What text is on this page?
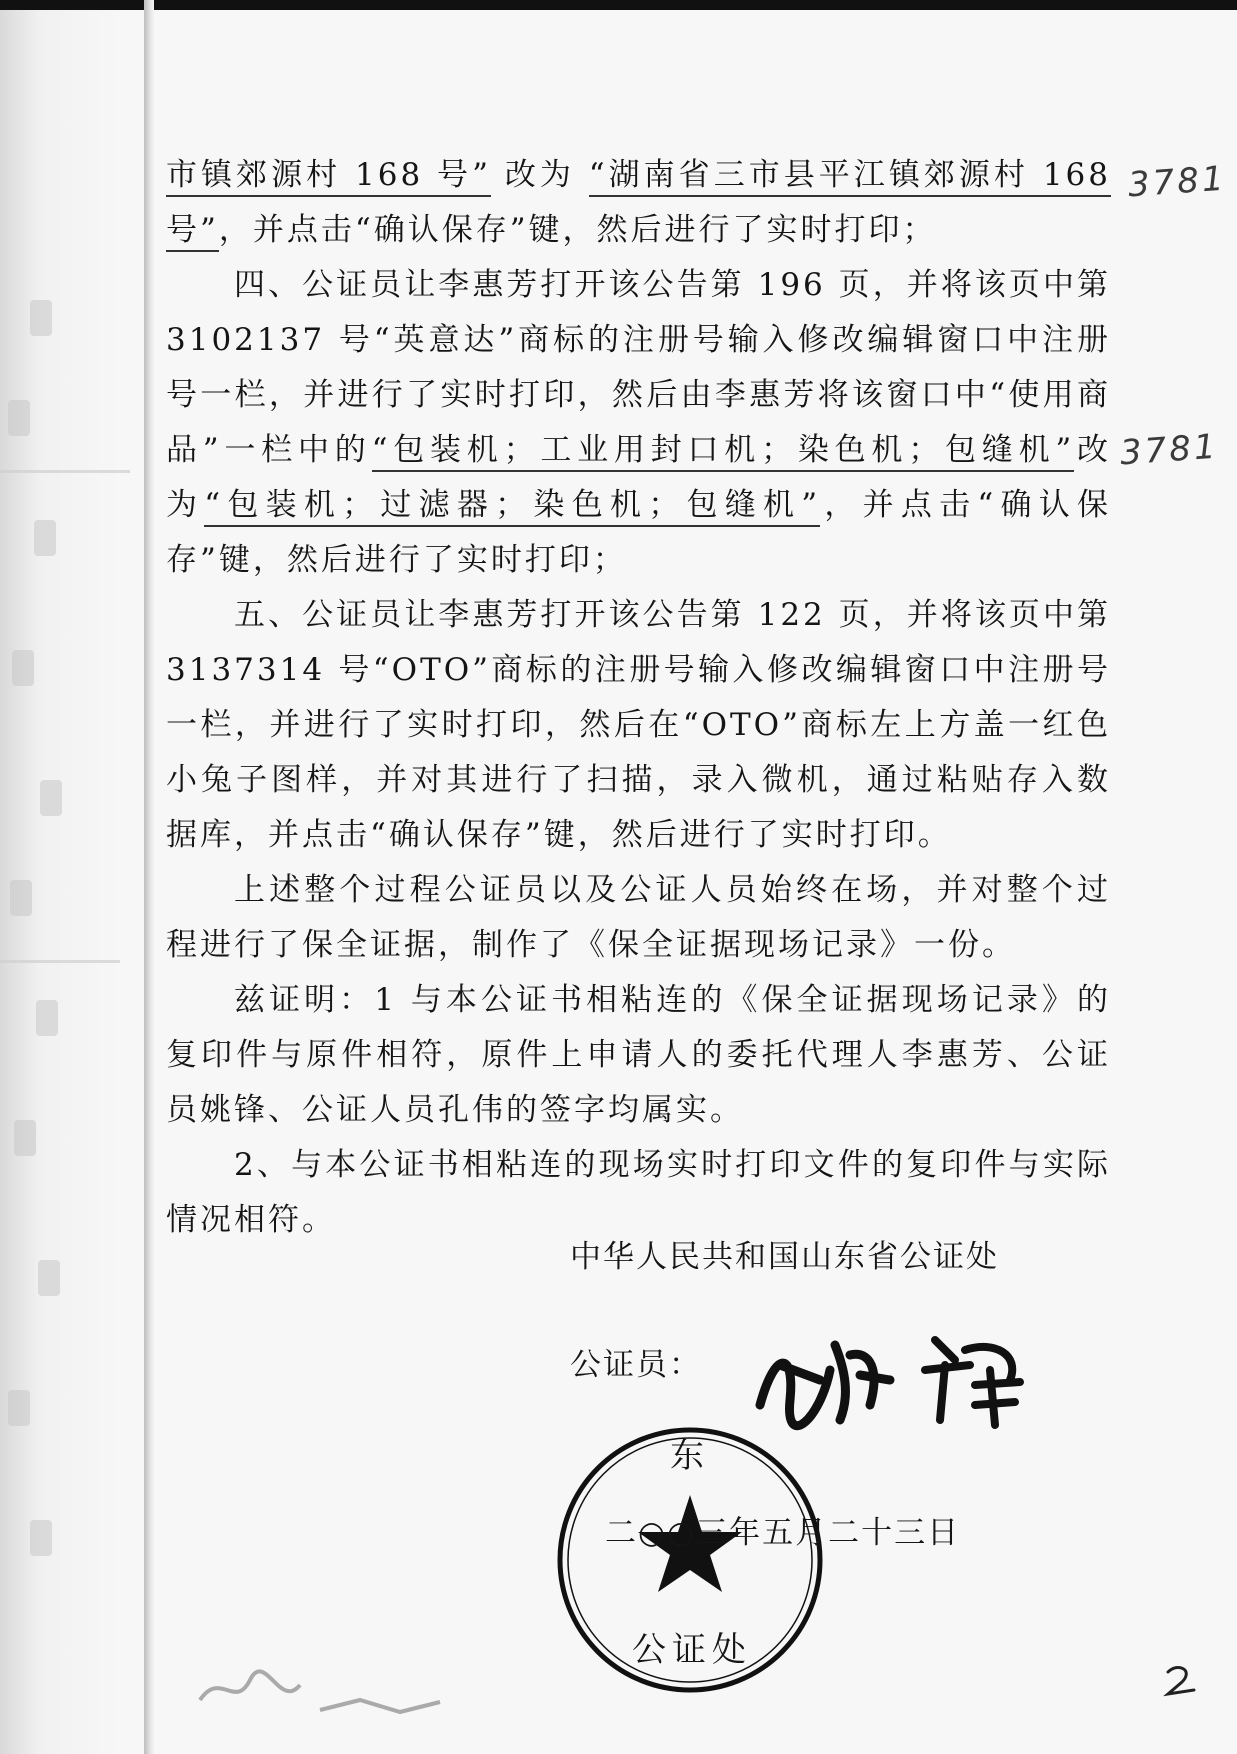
市镇郊源村 168 号” 改为 “湖南省三市县平江镇郊源村 168 号”，并点击“确认保存”键，然后进行了实时打印；

四、公证员让李惠芳打开该公告第 196 页，并将该页中第 3102137 号“英意达”商标的注册号输入修改编辑窗口中注册号一栏，并进行了实时打印，然后由李惠芳将该窗口中“使用商品”一栏中的“包装机；工业用封口机；染色机；包缝机”改为“包装机；过滤器；染色机；包缝机”，并点击“确认保存”键，然后进行了实时打印；

五、公证员让李惠芳打开该公告第 122 页，并将该页中第 3137314 号“OTO”商标的注册号输入修改编辑窗口中注册号一栏，并进行了实时打印，然后在“OTO”商标左上方盖一红色小兔子图样，并对其进行了扫描，录入微机，通过粘贴存入数据库，并点击“确认保存”键，然后进行了实时打印。

上述整个过程公证员以及公证人员始终在场，并对整个过程进行了保全证据，制作了《保全证据现场记录》一份。

兹证明：1 与本公证书相粘连的《保全证据现场记录》的复印件与原件相符，原件上申请人的委托代理人李惠芳、公证员姚锋、公证人员孔伟的签字均属实。

2、与本公证书相粘连的现场实时打印文件的复印件与实际情况相符。

3781
3781
中华人民共和国山东省公证处
公证员：
东
公证处
二○○三年五月二十三日
